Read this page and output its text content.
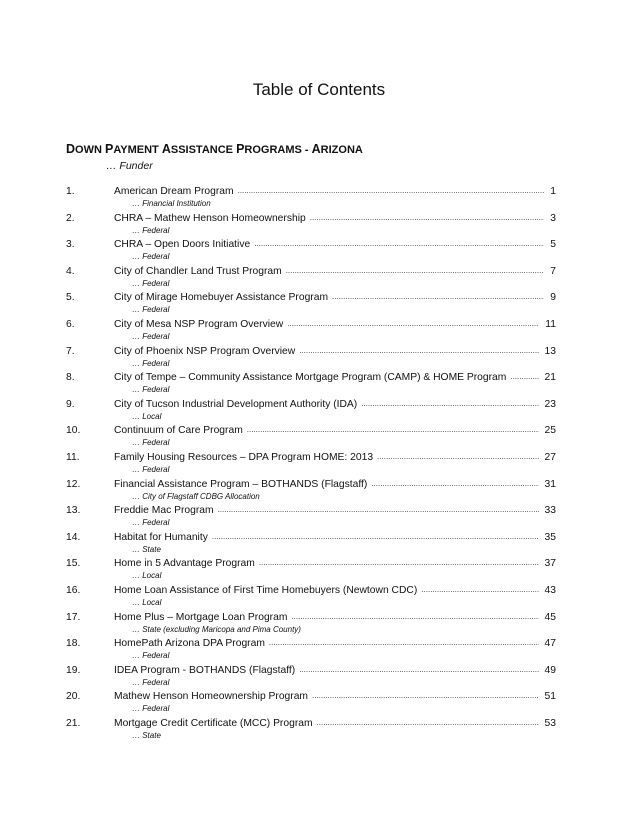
Table of Contents
DOWN PAYMENT ASSISTANCE PROGRAMS - ARIZONA
… Funder
1.	American Dream Program .....	1
… Financial Institution
2.	CHRA – Mathew Henson Homeownership .....	3
… Federal
3.	CHRA – Open Doors Initiative .....	5
… Federal
4.	City of Chandler Land Trust Program .....	7
… Federal
5.	City of Mirage Homebuyer Assistance Program .....	9
… Federal
6.	City of Mesa NSP Program Overview .....	11
… Federal
7.	City of Phoenix NSP Program Overview .....	13
… Federal
8.	City of Tempe – Community Assistance Mortgage Program (CAMP) & HOME Program .....	21
… Federal
9.	City of Tucson Industrial Development Authority (IDA) .....	23
… Local
10.	Continuum of Care Program .....	25
… Federal
11.	Family Housing Resources – DPA Program HOME: 2013 .....	27
… Federal
12.	Financial Assistance Program – BOTHANDS (Flagstaff) .....	31
… City of Flagstaff CDBG Allocation
13.	Freddie Mac Program .....	33
… Federal
14.	Habitat for Humanity .....	35
… State
15.	Home in 5 Advantage Program .....	37
… Local
16.	Home Loan Assistance of First Time Homebuyers (Newtown CDC) .....	43
… Local
17.	Home Plus – Mortgage Loan Program .....	45
… State (excluding Maricopa and Pima County)
18.	HomePath Arizona DPA Program .....	47
… Federal
19.	IDEA Program - BOTHANDS (Flagstaff) .....	49
… Federal
20.	Mathew Henson Homeownership Program .....	51
… Federal
21.	Mortgage Credit Certificate (MCC) Program .....	53
… State
